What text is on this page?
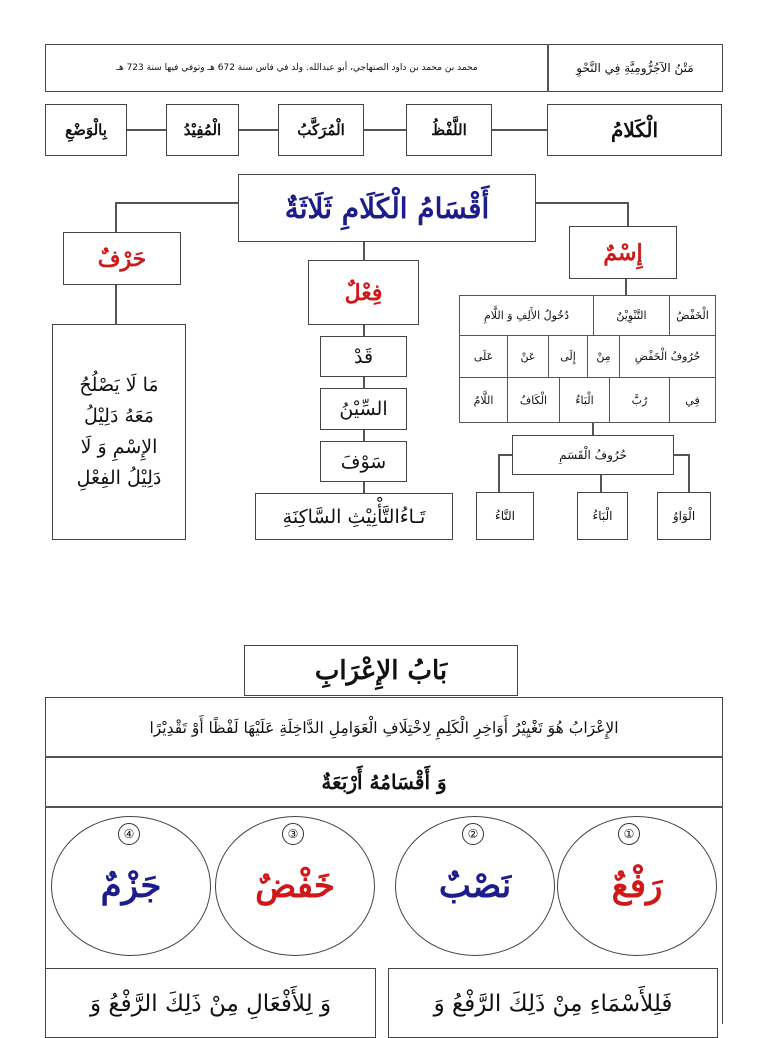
مَتْنُ الآجُرُّومِيَّةِ فِي النَّحْوِ
محمد بن محمد بن داود الصنهاجي، أبو عبدالله. ولد في فاس سنة 672 هـ وتوفي فيها سنة 723 هـ
الْكَلامُ
اللَّفْظُ
الْمُرَكَّبُ
الْمُفِيْدُ
بِالْوَضْعِ
أَقْسَامُ الْكَلَامِ ثَلَاثَةٌ
حَرْفٌ
فِعْلٌ
إِسْمٌ
مَا لَا يَصْلُحُ
مَعَهُ دَلِيْلُ
الإِسْمِ وَ لَا
دَلِيْلُ الفِعْلِ
قَدْ
السِّيْنُ
سَوْفَ
تَـاءُالتَّأْنِيْثِ السَّاكِنَةِ
الْخَفْضُ
التَّنْوِيْنُ
دُخُولُ الأَلِفِ وَ اللَّامِ
حُرُوفُ الْخَفْضِ
مِنْ
إِلَى
عَنْ
عَلَى
فِي
رُبَّ
الْبَاءُ
الْكَافُ
اللَّامُ
حُرُوفُ الْقَسَمِ
الْوَاوُ
الْبَاءُ
التَّاءُ
بَابُ الإِعْرَابِ
الإِعْرَابُ هُوَ تَغْيِيْرُ أَوَاخِرِ الْكَلِمِ لِاخْتِلَافِ الْعَوَامِلِ الدَّاخِلَةِ عَلَيْهَا لَفْظًا أَوْ تَقْدِيْرًا
وَ أَقْسَامُهُ أَرْبَعَةٌ
①
رَفْعٌ
②
نَصْبٌ
③
خَفْضٌ
④
جَزْمٌ
فَلِلأَسْمَاءِ مِنْ ذَلِكَ الرَّفْعُ وَ
وَ لِلأَفْعَالِ مِنْ ذَلِكَ الرَّفْعُ وَ
